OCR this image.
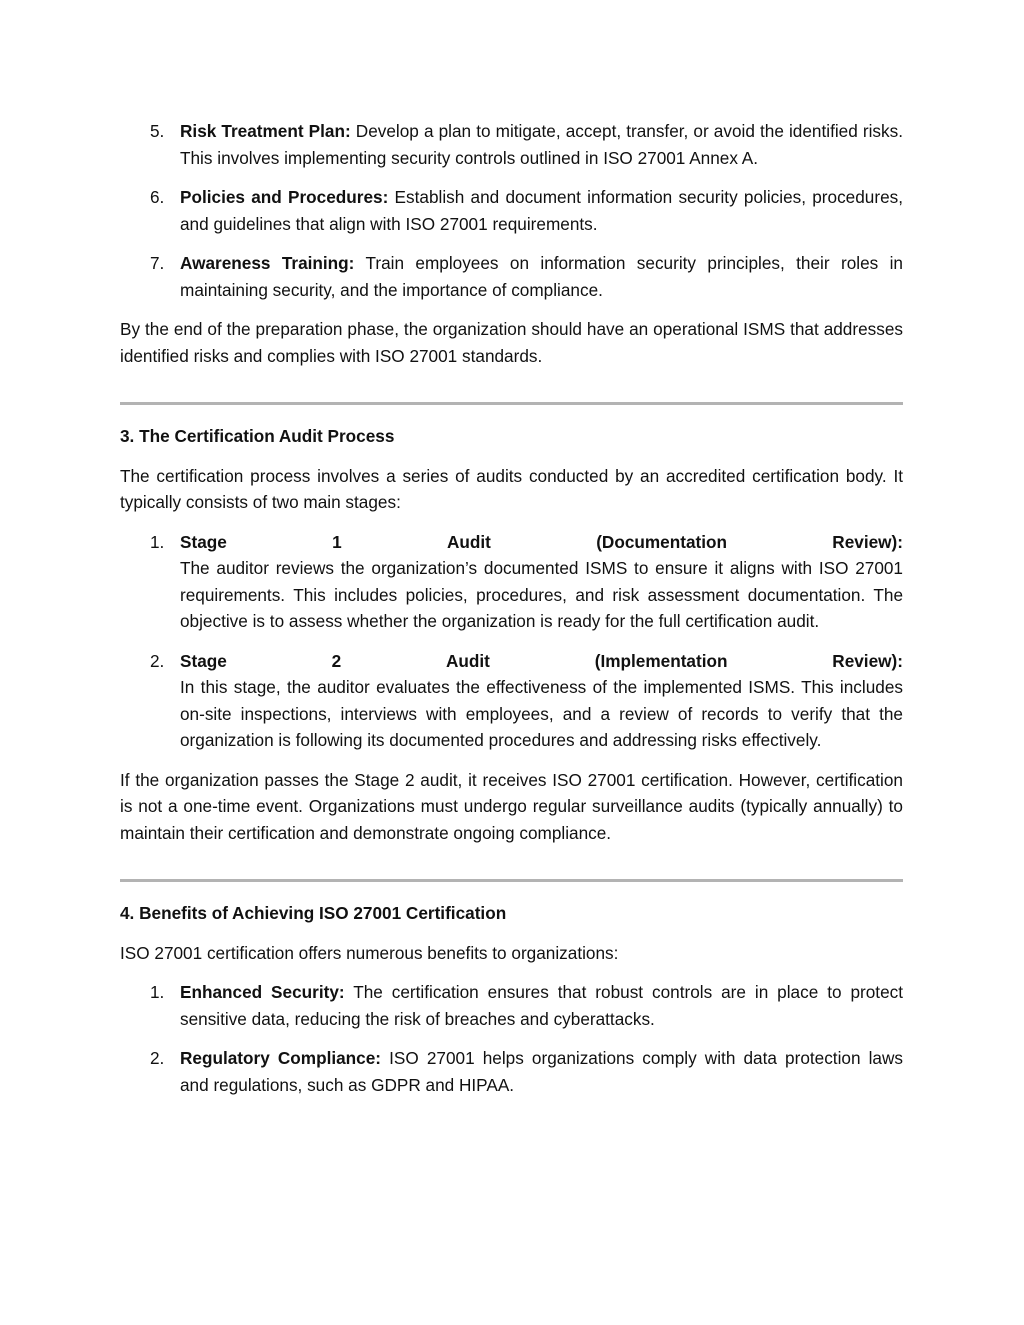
5. Risk Treatment Plan: Develop a plan to mitigate, accept, transfer, or avoid the identified risks. This involves implementing security controls outlined in ISO 27001 Annex A.
6. Policies and Procedures: Establish and document information security policies, procedures, and guidelines that align with ISO 27001 requirements.
7. Awareness Training: Train employees on information security principles, their roles in maintaining security, and the importance of compliance.

By the end of the preparation phase, the organization should have an operational ISMS that addresses identified risks and complies with ISO 27001 standards.

3. The Certification Audit Process

The certification process involves a series of audits conducted by an accredited certification body. It typically consists of two main stages:

1. Stage	1	Audit	(Documentation	Review):
The auditor reviews the organization’s documented ISMS to ensure it aligns with ISO 27001 requirements. This includes policies, procedures, and risk assessment documentation. The objective is to assess whether the organization is ready for the full certification audit.
2. Stage	2	Audit	(Implementation	Review):
In this stage, the auditor evaluates the effectiveness of the implemented ISMS. This includes on-site inspections, interviews with employees, and a review of records to verify that the organization is following its documented procedures and addressing risks effectively.

If the organization passes the Stage 2 audit, it receives ISO 27001 certification. However, certification is not a one-time event. Organizations must undergo regular surveillance audits (typically annually) to maintain their certification and demonstrate ongoing compliance.

4. Benefits of Achieving ISO 27001 Certification

ISO 27001 certification offers numerous benefits to organizations:

1. Enhanced Security: The certification ensures that robust controls are in place to protect sensitive data, reducing the risk of breaches and cyberattacks.
2. Regulatory Compliance: ISO 27001 helps organizations comply with data protection laws and regulations, such as GDPR and HIPAA.
